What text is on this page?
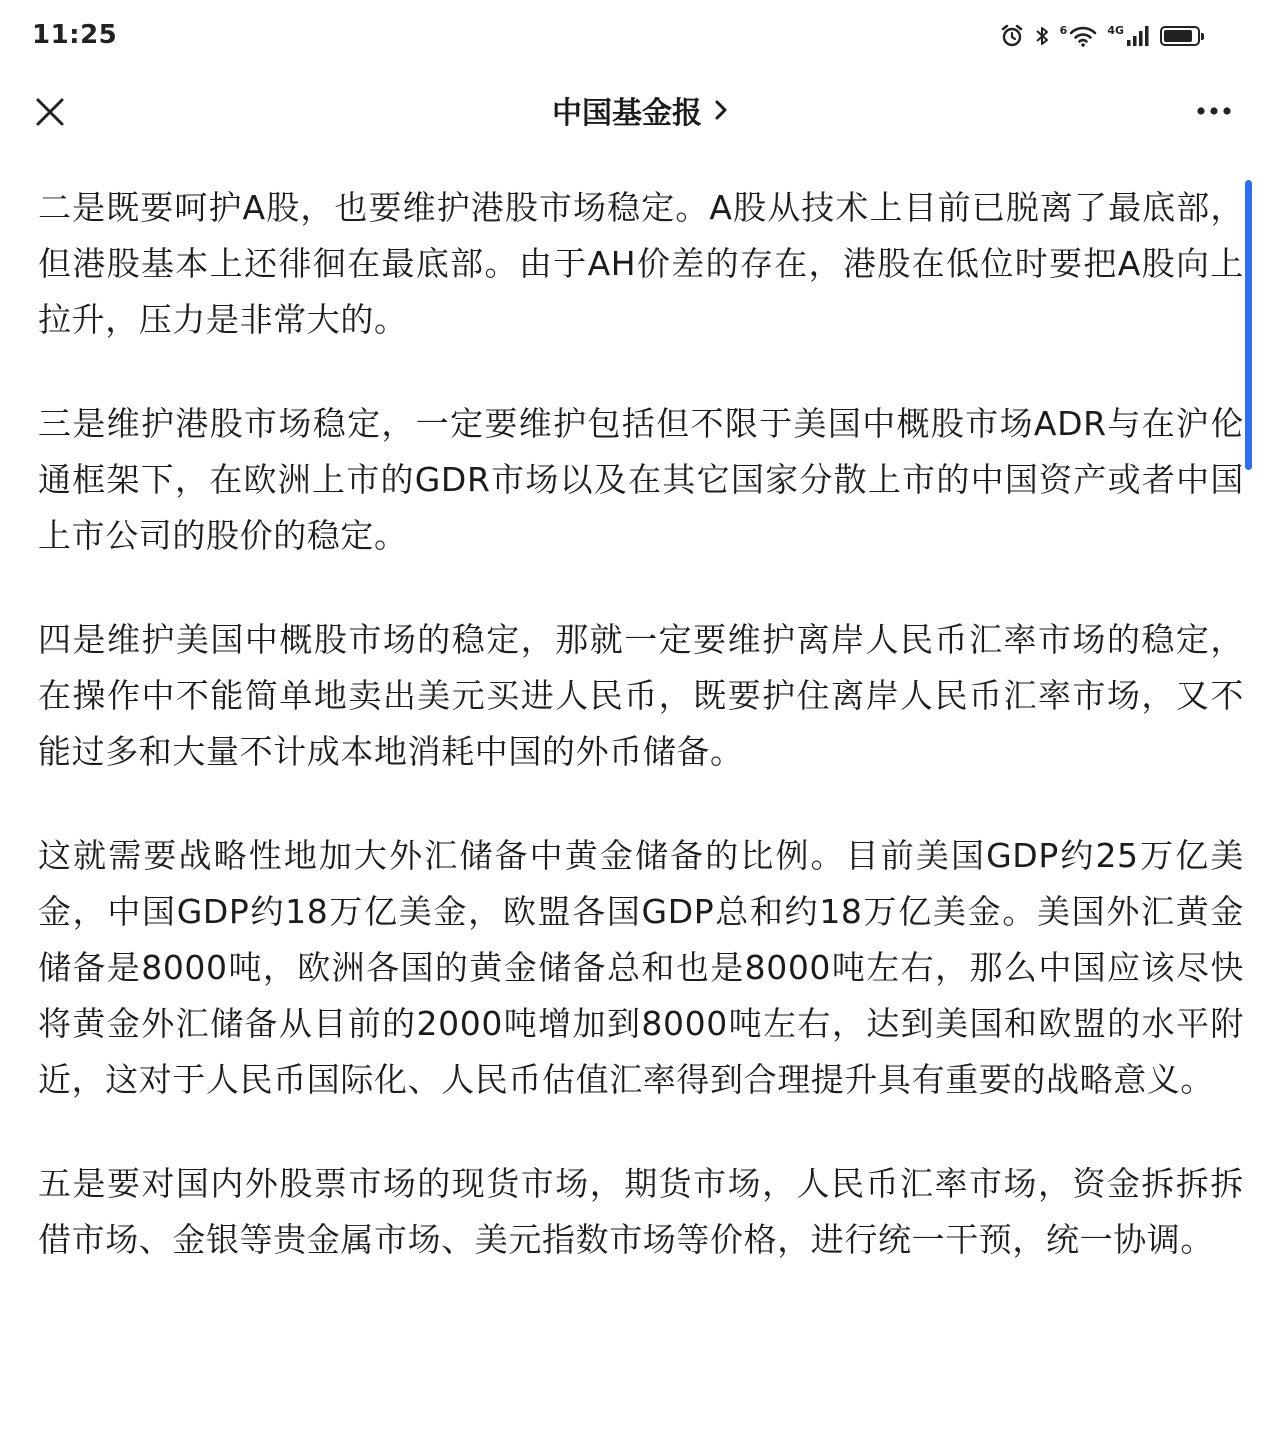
11:25	6	4G
中国基金报

二是既要呵护A股，也要维护港股市场稳定。A股从技术上目前已脱离了最底部，但港股基本上还徘徊在最底部。由于AH价差的存在，港股在低位时要把A股向上拉升，压力是非常大的。

三是维护港股市场稳定，一定要维护包括但不限于美国中概股市场ADR与在沪伦通框架下，在欧洲上市的GDR市场以及在其它国家分散上市的中国资产或者中国上市公司的股价的稳定。

四是维护美国中概股市场的稳定，那就一定要维护离岸人民币汇率市场的稳定，在操作中不能简单地卖出美元买进人民币，既要护住离岸人民币汇率市场，又不能过多和大量不计成本地消耗中国的外币储备。

这就需要战略性地加大外汇储备中黄金储备的比例。目前美国GDP约25万亿美金，中国GDP约18万亿美金，欧盟各国GDP总和约18万亿美金。美国外汇黄金储备是8000吨，欧洲各国的黄金储备总和也是8000吨左右，那么中国应该尽快将黄金外汇储备从目前的2000吨增加到8000吨左右，达到美国和欧盟的水平附近，这对于人民币国际化、人民币估值汇率得到合理提升具有重要的战略意义。

五是要对国内外股票市场的现货市场，期货市场，人民币汇率市场，资金拆拆拆借市场、金银等贵金属市场、美元指数市场等价格，进行统一干预，统一协调。
